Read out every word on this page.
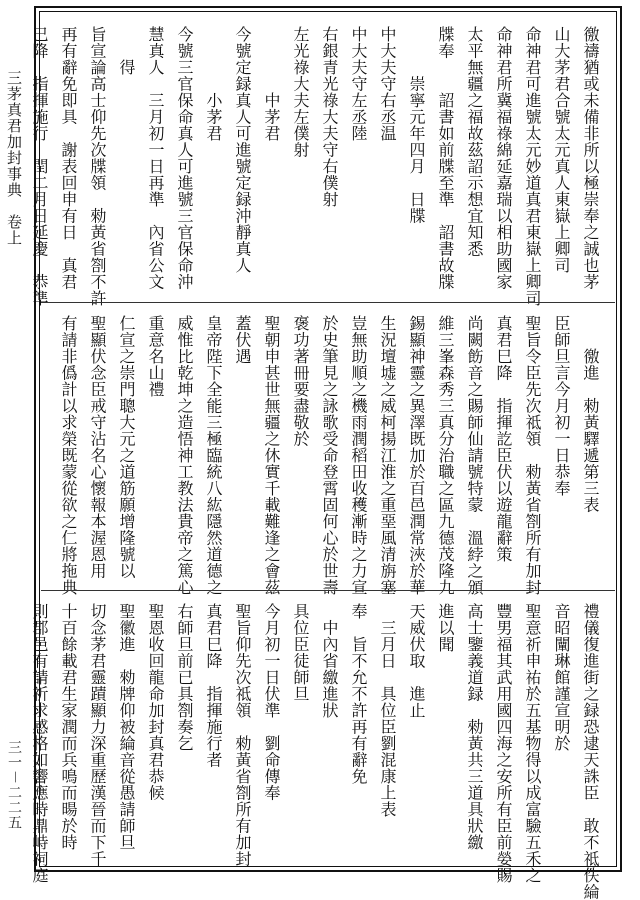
三茅真君加封事典　卷上
三一－二二五
徼禱猶或未備非所以極崇奉之誠也茅
山大茅君合號太元真人東嶽上卿司
命神君可進號太元妙道真君東嶽上卿司
命神君所冀福祿綿延嘉瑞以相助國家
太平無疆之福故茲詔示想宜知悉
牒奉　　詔書如前牒至準　詔書故牒
　　　崇寧元年四月　日牒
中大夫守右丞温
中大夫守左丞陸
右銀青光祿大夫守右僕射
左光祿大夫左僕射
　　　　中茅君
今號定録真人可進號定録沖靜真人
　　　　小茅君
今號三官保命真人可進號三官保命沖
慧真人　三月初一日再準　內省公文
　　得
旨宣論高士仰先次牒領　勑黃省劄不許
再有辭免即具　謝表回申有日　真君
巳降　指揮施行　閏二月日延慶　恭準
　　徼進　勑黃驛遞第三表
臣師旦言今月初一日恭奉
聖旨令臣先次祗領　勑黃省劄所有加封
真君巳降　指揮訖臣伏以遊龍辭策
尚闕飭音之賜師仙請號特蒙　溫綍之頒
維三峯森秀三真分治職之區九德茂隆九
錫顯神靈之異澤既加於百邑潤常浹於華
生況壇墟之威柯揚江淮之重堊風清旃塞
豈無助順之機雨潤稻田收穫漸時之力宣
於史筆見之詠歌受命登霄固何心於世壽
褒功著冊要盡敬於
聖朝申甚世無疆之休實千載難逢之會茲
蓋伏遇
皇帝陛下全能三極臨統八紘隱然道德之
威惟比乾坤之造悟神工教法貴帝之篤心
重意名山禮
仁宣之崇門聰大元之道筋願增隆號以
聖顯伏念臣戒守沾名心懷報本渥恩用
有請非僞計以求榮既蒙從欲之仁將拖典
禮儀復進街之録恐逮天誅臣　敢不祗佚綸
音昭闡琳館謹宣明於
聖意祈申祐於五基物得以成富驗五禾之
豐男福其武用國四海之安所有臣前嫈賜
高士鑒義道録　勑黃共三道具狀繳
進以聞
天威伏取　進止
　三月日　具位臣劉混康上表
奉　旨不允不許再有辭免
　中內省繳進狀
具位臣徒師旦
今月初一日伏準　劉命傳奉
聖旨仰先次祗領　勑黃省劄所有加封
真君巳降　指揮施行者
右師旦前已具劄奏乞
聖恩收回龍命加封真君恭候
聖徽進　勑牌仰被綸音從愚請師旦
切念茅君靈蹟顯力深重歷漢晉而下千
十百餘載君生家潤而兵鳴而暘於時
則郡邑有請祈求感格如響應時鼎峙祠庭
